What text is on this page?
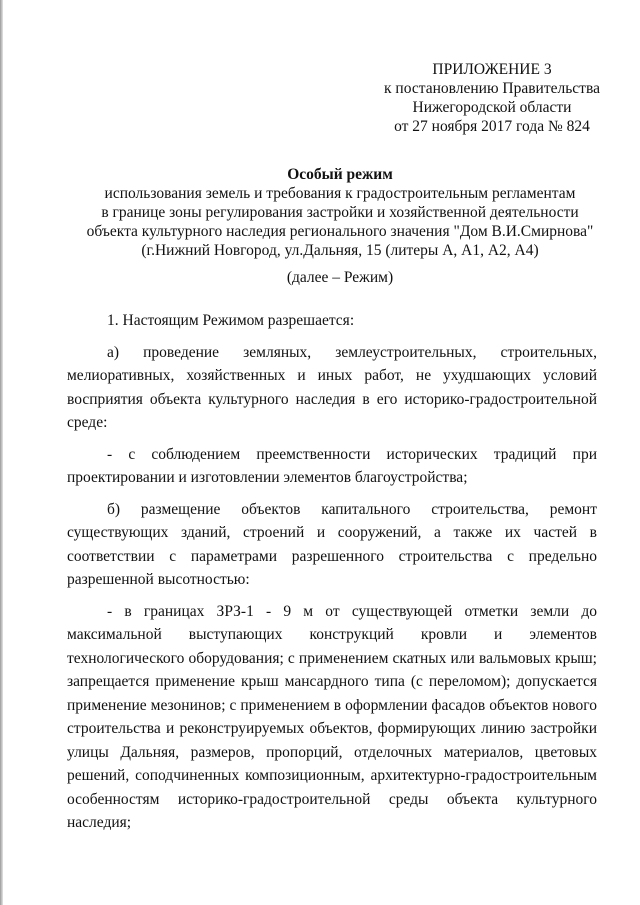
ПРИЛОЖЕНИЕ 3
к постановлению Правительства
Нижегородской области
от 27 ноября 2017 года № 824
Особый режим
использования земель и требования к градостроительным регламентам
в границе зоны регулирования застройки и хозяйственной деятельности
объекта культурного наследия регионального значения "Дом В.И.Смирнова"
(г.Нижний Новгород, ул.Дальняя, 15 (литеры А, А1, А2, А4)
(далее – Режим)

1. Настоящим Режимом разрешается:

а) проведение земляных, землеустроительных, строительных, мелиоративных, хозяйственных и иных работ, не ухудшающих условий восприятия объекта культурного наследия в его историко-градостроительной среде:

- с соблюдением преемственности исторических традиций при проектировании и изготовлении элементов благоустройства;

б) размещение объектов капитального строительства, ремонт существующих зданий, строений и сооружений, а также их частей в соответствии с параметрами разрешенного строительства с предельно разрешенной высотностью:

- в границах ЗРЗ-1 - 9 м от существующей отметки земли до максимальной выступающих конструкций кровли и элементов технологического оборудования; с применением скатных или вальмовых крыш; запрещается применение крыш мансардного типа (с переломом); допускается применение мезонинов; с применением в оформлении фасадов объектов нового строительства и реконструируемых объектов, формирующих линию застройки улицы Дальняя, размеров, пропорций, отделочных материалов, цветовых решений, соподчиненных композиционным, архитектурно-градостроительным особенностям историко-градостроительной среды объекта культурного наследия;
